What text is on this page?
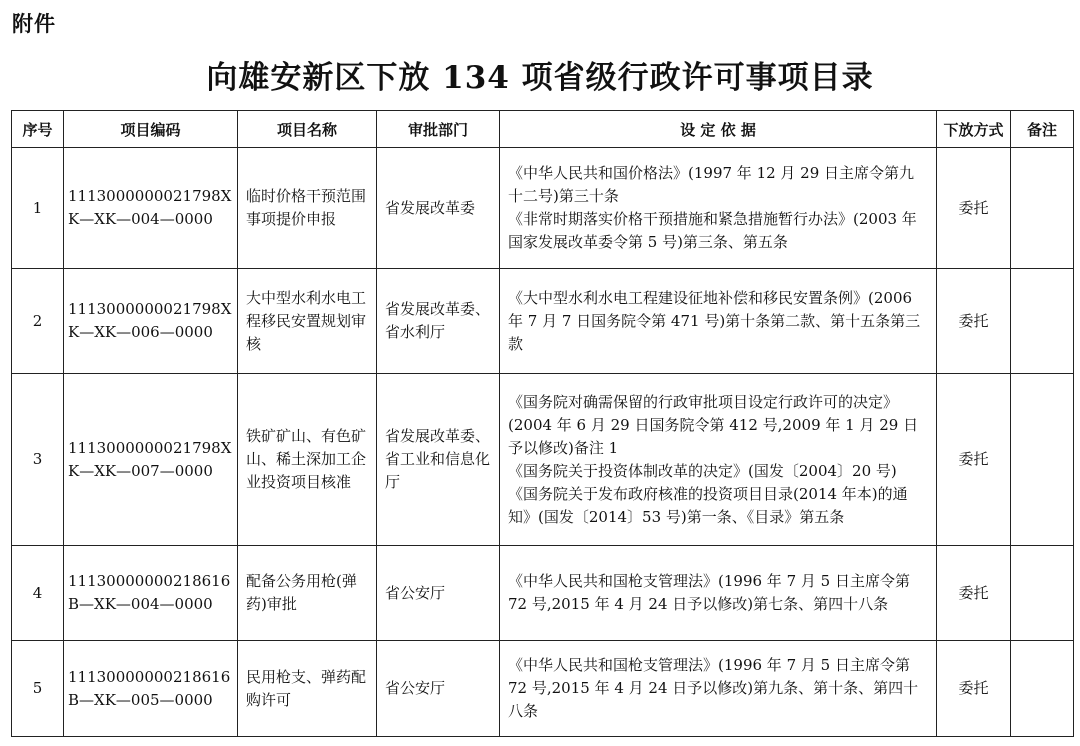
附件
向雄安新区下放 134 项省级行政许可事项目录
序号	项目编码	项目名称	审批部门	设 定 依 据	下放方式	备注
1	1113000000021798XK—XK—004—0000	临时价格干预范围事项提价申报	省发展改革委	《中华人民共和国价格法》(1997 年 12 月 29 日主席令第九十二号)第三十条
《非常时期落实价格干预措施和紧急措施暂行办法》(2003 年国家发展改革委令第 5 号)第三条、第五条	委托	
2	1113000000021798XK—XK—006—0000	大中型水利水电工程移民安置规划审核	省发展改革委、省水利厅	《大中型水利水电工程建设征地补偿和移民安置条例》(2006 年 7 月 7 日国务院令第 471 号)第十条第二款、第十五条第三款	委托	
3	1113000000021798XK—XK—007—0000	铁矿矿山、有色矿山、稀土深加工企业投资项目核准	省发展改革委、省工业和信息化厅	《国务院对确需保留的行政审批项目设定行政许可的决定》(2004 年 6 月 29 日国务院令第 412 号,2009 年 1 月 29 日予以修改)备注 1
《国务院关于投资体制改革的决定》(国发〔2004〕20 号)
《国务院关于发布政府核准的投资项目目录(2014 年本)的通知》(国发〔2014〕53 号)第一条、《目录》第五条	委托	
4	11130000000218616B—XK—004—0000	配备公务用枪(弹药)审批	省公安厅	《中华人民共和国枪支管理法》(1996 年 7 月 5 日主席令第 72 号,2015 年 4 月 24 日予以修改)第七条、第四十八条	委托	
5	11130000000218616B—XK—005—0000	民用枪支、弹药配购许可	省公安厅	《中华人民共和国枪支管理法》(1996 年 7 月 5 日主席令第 72 号,2015 年 4 月 24 日予以修改)第九条、第十条、第四十八条	委托	
